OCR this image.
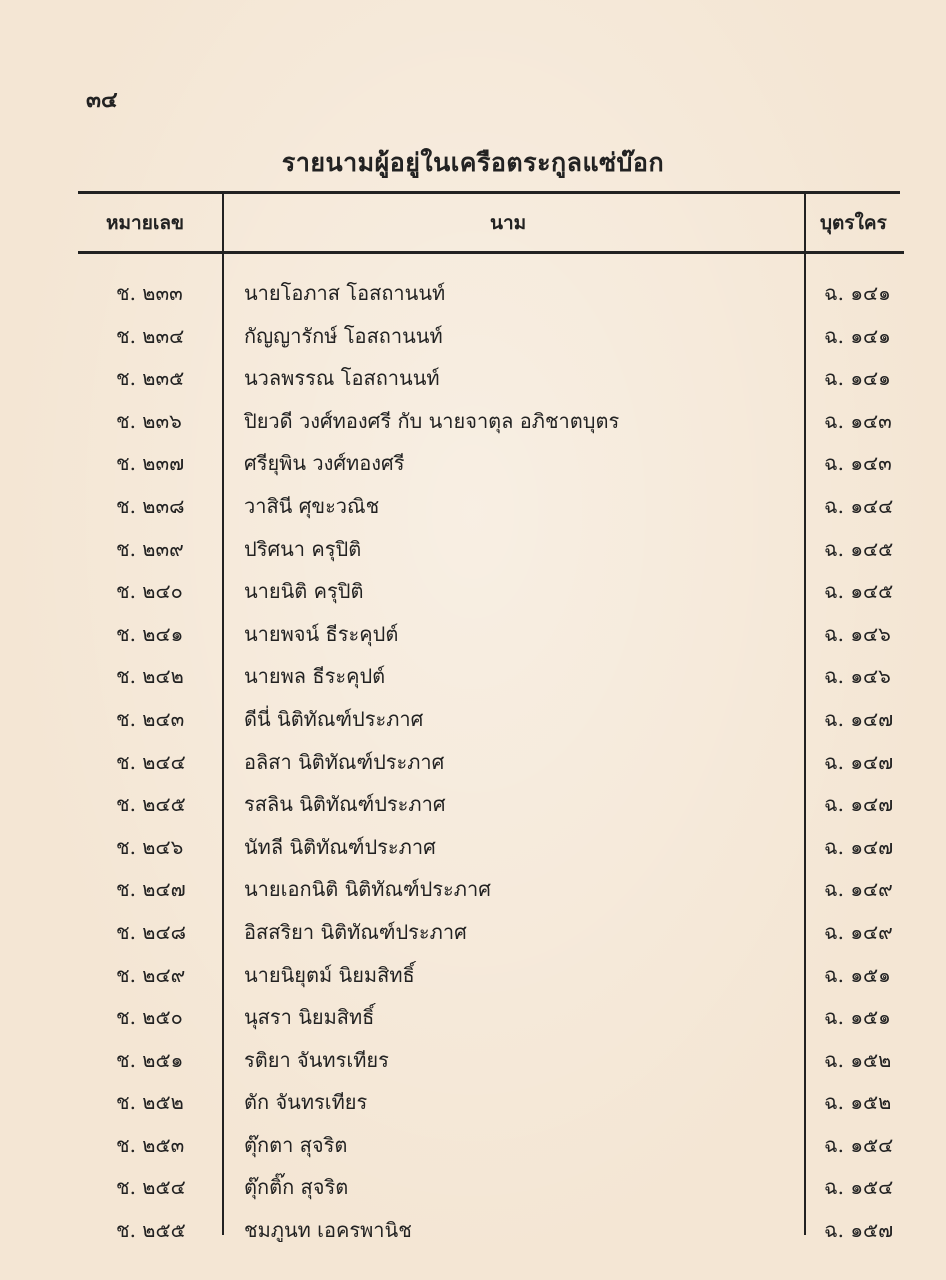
๓๔
รายนามผู้อยู่ในเครือตระกูลแซ่บ๊อก
หมายเลข	นาม	บุตรใคร
ช. ๒๓๓	นายโอภาส โอสถานนท์	ฉ. ๑๔๑
ช. ๒๓๔	กัญญารักษ์ โอสถานนท์	ฉ. ๑๔๑
ช. ๒๓๕	นวลพรรณ โอสถานนท์	ฉ. ๑๔๑
ช. ๒๓๖	ปิยวดี วงศ์ทองศรี กับ นายจาตุล อภิชาตบุตร	ฉ. ๑๔๓
ช. ๒๓๗	ศรียุพิน วงศ์ทองศรี	ฉ. ๑๔๓
ช. ๒๓๘	วาสินี ศุขะวณิช	ฉ. ๑๔๔
ช. ๒๓๙	ปริศนา ครุปิติ	ฉ. ๑๔๕
ช. ๒๔๐	นายนิติ ครุปิติ	ฉ. ๑๔๕
ช. ๒๔๑	นายพจน์ ธีระคุปต์	ฉ. ๑๔๖
ช. ๒๔๒	นายพล ธีระคุปต์	ฉ. ๑๔๖
ช. ๒๔๓	ดีนี่ นิติทัณฑ์ประภาศ	ฉ. ๑๔๗
ช. ๒๔๔	อลิสา นิติทัณฑ์ประภาศ	ฉ. ๑๔๗
ช. ๒๔๕	รสลิน นิติทัณฑ์ประภาศ	ฉ. ๑๔๗
ช. ๒๔๖	นัทลี นิติทัณฑ์ประภาศ	ฉ. ๑๔๗
ช. ๒๔๗	นายเอกนิติ นิติทัณฑ์ประภาศ	ฉ. ๑๔๙
ช. ๒๔๘	อิสสริยา นิติทัณฑ์ประภาศ	ฉ. ๑๔๙
ช. ๒๔๙	นายนิยุตม์ นิยมสิทธิ์	ฉ. ๑๕๑
ช. ๒๕๐	นุสรา นิยมสิทธิ์	ฉ. ๑๕๑
ช. ๒๕๑	รติยา จันทรเทียร	ฉ. ๑๕๒
ช. ๒๕๒	ตัก จันทรเทียร	ฉ. ๑๕๒
ช. ๒๕๓	ตุ๊กตา สุจริต	ฉ. ๑๕๔
ช. ๒๕๔	ตุ๊กติ๊ก สุจริต	ฉ. ๑๕๔
ช. ๒๕๕	ชมภูนท เอครพานิช	ฉ. ๑๕๗
